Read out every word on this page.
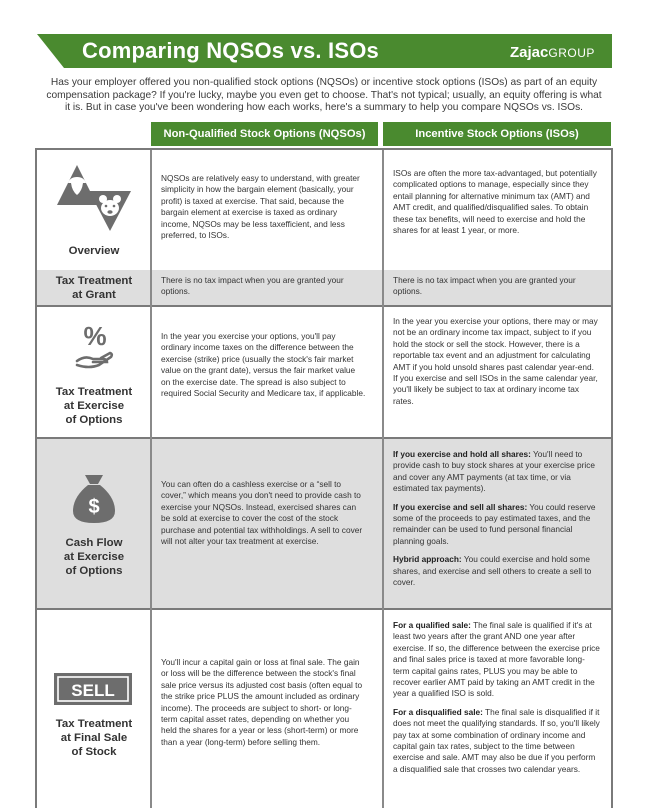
Comparing NQSOs vs. ISOs	ZajacGROUP
Has your employer offered you non-qualified stock options (NQSOs) or incentive stock options (ISOs) as part of an equity compensation package? If you're lucky, maybe you even get to choose. That's not typical; usually, an equity offering is what it is. But in case you've been wondering how each works, here's a summary to help you compare NQSOs vs. ISOs.
Non-Qualified Stock Options (NQSOs)	Incentive Stock Options (ISOs)
Overview
NQSOs are relatively easy to understand, with greater simplicity in how the bargain element (basically, your profit) is taxed at exercise. That said, because the bargain element at exercise is taxed as ordinary income, NQSOs may be less taxefficient, and less preferred, to ISOs.
ISOs are often the more tax-advantaged, but potentially complicated options to manage, especially since they entail planning for alternative minimum tax (AMT) and AMT credit, and qualified/disqualified sales. To obtain these tax benefits, will need to exercise and hold the shares for at least 1 year, or more.
Tax Treatment
at Grant
There is no tax impact when you are granted your options.
There is no tax impact when you are granted your options.
%
Tax Treatment
at Exercise
of Options
In the year you exercise your options, you'll pay ordinary income taxes on the difference between the exercise (strike) price (usually the stock's fair market value on the grant date), versus the fair market value on the exercise date. The spread is also subject to required Social Security and Medicare tax, if applicable.
In the year you exercise your options, there may or may not be an ordinary income tax impact, subject to if you hold the stock or sell the stock. However, there is a reportable tax event and an adjustment for calculating AMT if you hold unsold shares past calendar year-end. If you exercise and sell ISOs in the same calendar year, you'll likely be subject to tax at ordinary income tax rates.
$
Cash Flow
at Exercise
of Options
You can often do a cashless exercise or a “sell to cover,” which means you don't need to provide cash to exercise your NQSOs. Instead, exercised shares can be sold at exercise to cover the cost of the stock purchase and potential tax withholdings. A sell to cover will not alter your tax treatment at exercise.

If you exercise and hold all shares: You'll need to provide cash to buy stock shares at your exercise price and cover any AMT payments (at tax time, or via estimated tax payments).

If you exercise and sell all shares: You could reserve some of the proceeds to pay estimated taxes, and the remainder can be used to fund personal financial planning goals.

Hybrid approach: You could exercise and hold some shares, and exercise and sell others to create a sell to cover.

SELL
Tax Treatment
at Final Sale
of Stock
You'll incur a capital gain or loss at final sale. The gain or loss will be the difference between the stock's final sale price versus its adjusted cost basis (often equal to the strike price PLUS the amount included as ordinary income). The proceeds are subject to short- or long-term capital asset rates, depending on whether you held the shares for a year or less (short-term) or more than a year (long-term) before selling them.

For a qualified sale: The final sale is qualified if it's at least two years after the grant AND one year after exercise. If so, the difference between the exercise price and final sales price is taxed at more favorable long-term capital gains rates, PLUS you may be able to recover earlier AMT paid by taking an AMT credit in the year a qualified ISO is sold.

For a disqualified sale: The final sale is disqualified if it does not meet the qualifying standards. If so, you'll likely pay tax at some combination of ordinary income and capital gain tax rates, subject to the time between exercise and sale. AMT may also be due if you perform a disqualified sale that crosses two calendar years.
